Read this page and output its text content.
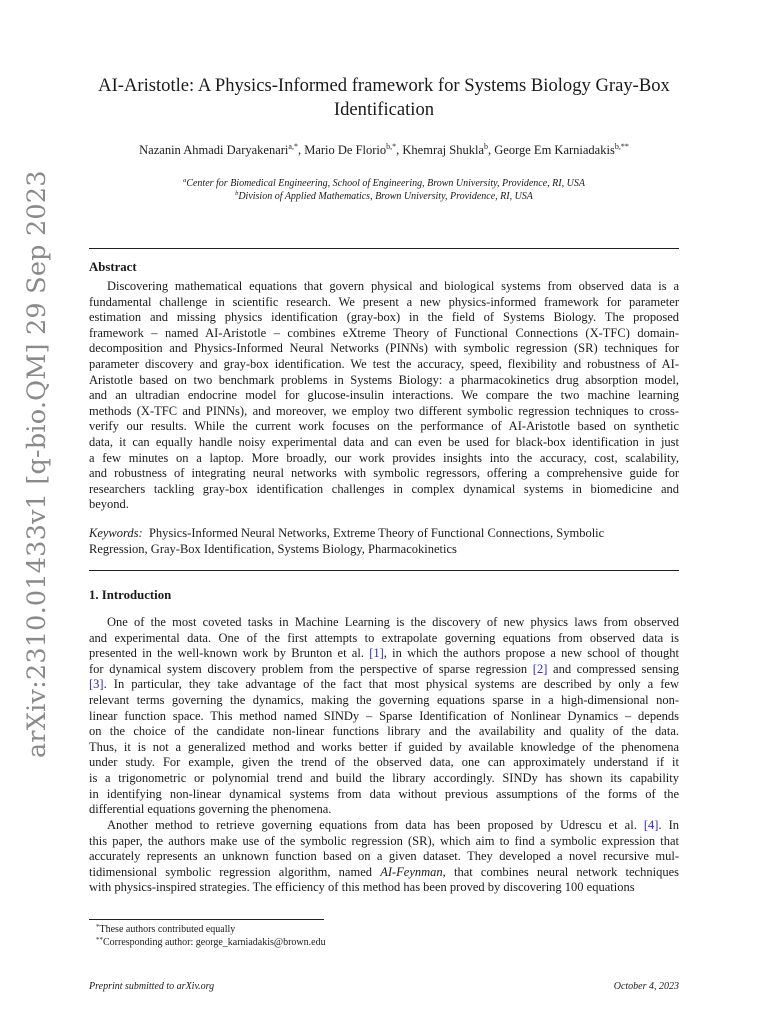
arXiv:2310.01433v1 [q-bio.QM] 29 Sep 2023
AI-Aristotle: A Physics-Informed framework for Systems Biology Gray-Box
Identification
Nazanin Ahmadi Daryakenari$^{a,*}$, Mario De Florio$^{b,*}$, Khemraj Shukla$^b$, George Em Karniadakis$^{b,**}$
$^a$Center for Biomedical Engineering, School of Engineering, Brown University, Providence, RI, USA
$^b$Division of Applied Mathematics, Brown University, Providence, RI, USA
Abstract
Discovering mathematical equations that govern physical and biological systems from observed data is a
fundamental challenge in scientific research. We present a new physics-informed framework for parameter
estimation and missing physics identification (gray-box) in the field of Systems Biology. The proposed
framework – named AI-Aristotle – combines eXtreme Theory of Functional Connections (X-TFC) domain-
decomposition and Physics-Informed Neural Networks (PINNs) with symbolic regression (SR) techniques for
parameter discovery and gray-box identification. We test the accuracy, speed, flexibility and robustness of AI-
Aristotle based on two benchmark problems in Systems Biology: a pharmacokinetics drug absorption model,
and an ultradian endocrine model for glucose-insulin interactions. We compare the two machine learning
methods (X-TFC and PINNs), and moreover, we employ two different symbolic regression techniques to cross-
verify our results. While the current work focuses on the performance of AI-Aristotle based on synthetic
data, it can equally handle noisy experimental data and can even be used for black-box identification in just
a few minutes on a laptop. More broadly, our work provides insights into the accuracy, cost, scalability,
and robustness of integrating neural networks with symbolic regressors, offering a comprehensive guide for
researchers tackling gray-box identification challenges in complex dynamical systems in biomedicine and
beyond.
Keywords: Physics-Informed Neural Networks, Extreme Theory of Functional Connections, Symbolic
Regression, Gray-Box Identification, Systems Biology, Pharmacokinetics
1. Introduction
One of the most coveted tasks in Machine Learning is the discovery of new physics laws from observed
and experimental data. One of the first attempts to extrapolate governing equations from observed data is
presented in the well-known work by Brunton et al. [1], in which the authors propose a new school of thought
for dynamical system discovery problem from the perspective of sparse regression [2] and compressed sensing
[3]. In particular, they take advantage of the fact that most physical systems are described by only a few
relevant terms governing the dynamics, making the governing equations sparse in a high-dimensional non-
linear function space. This method named SINDy – Sparse Identification of Nonlinear Dynamics – depends
on the choice of the candidate non-linear functions library and the availability and quality of the data.
Thus, it is not a generalized method and works better if guided by available knowledge of the phenomena
under study. For example, given the trend of the observed data, one can approximately understand if it
is a trigonometric or polynomial trend and build the library accordingly. SINDy has shown its capability
in identifying non-linear dynamical systems from data without previous assumptions of the forms of the
differential equations governing the phenomena.
Another method to retrieve governing equations from data has been proposed by Udrescu et al. [4]. In
this paper, the authors make use of the symbolic regression (SR), which aim to find a symbolic expression that
accurately represents an unknown function based on a given dataset. They developed a novel recursive mul-
tidimensional symbolic regression algorithm, named AI-Feynman, that combines neural network techniques
with physics-inspired strategies. The efficiency of this method has been proved by discovering 100 equations
*These authors contributed equally
**Corresponding author: george_karniadakis@brown.edu
Preprint submitted to arXiv.org	October 4, 2023
